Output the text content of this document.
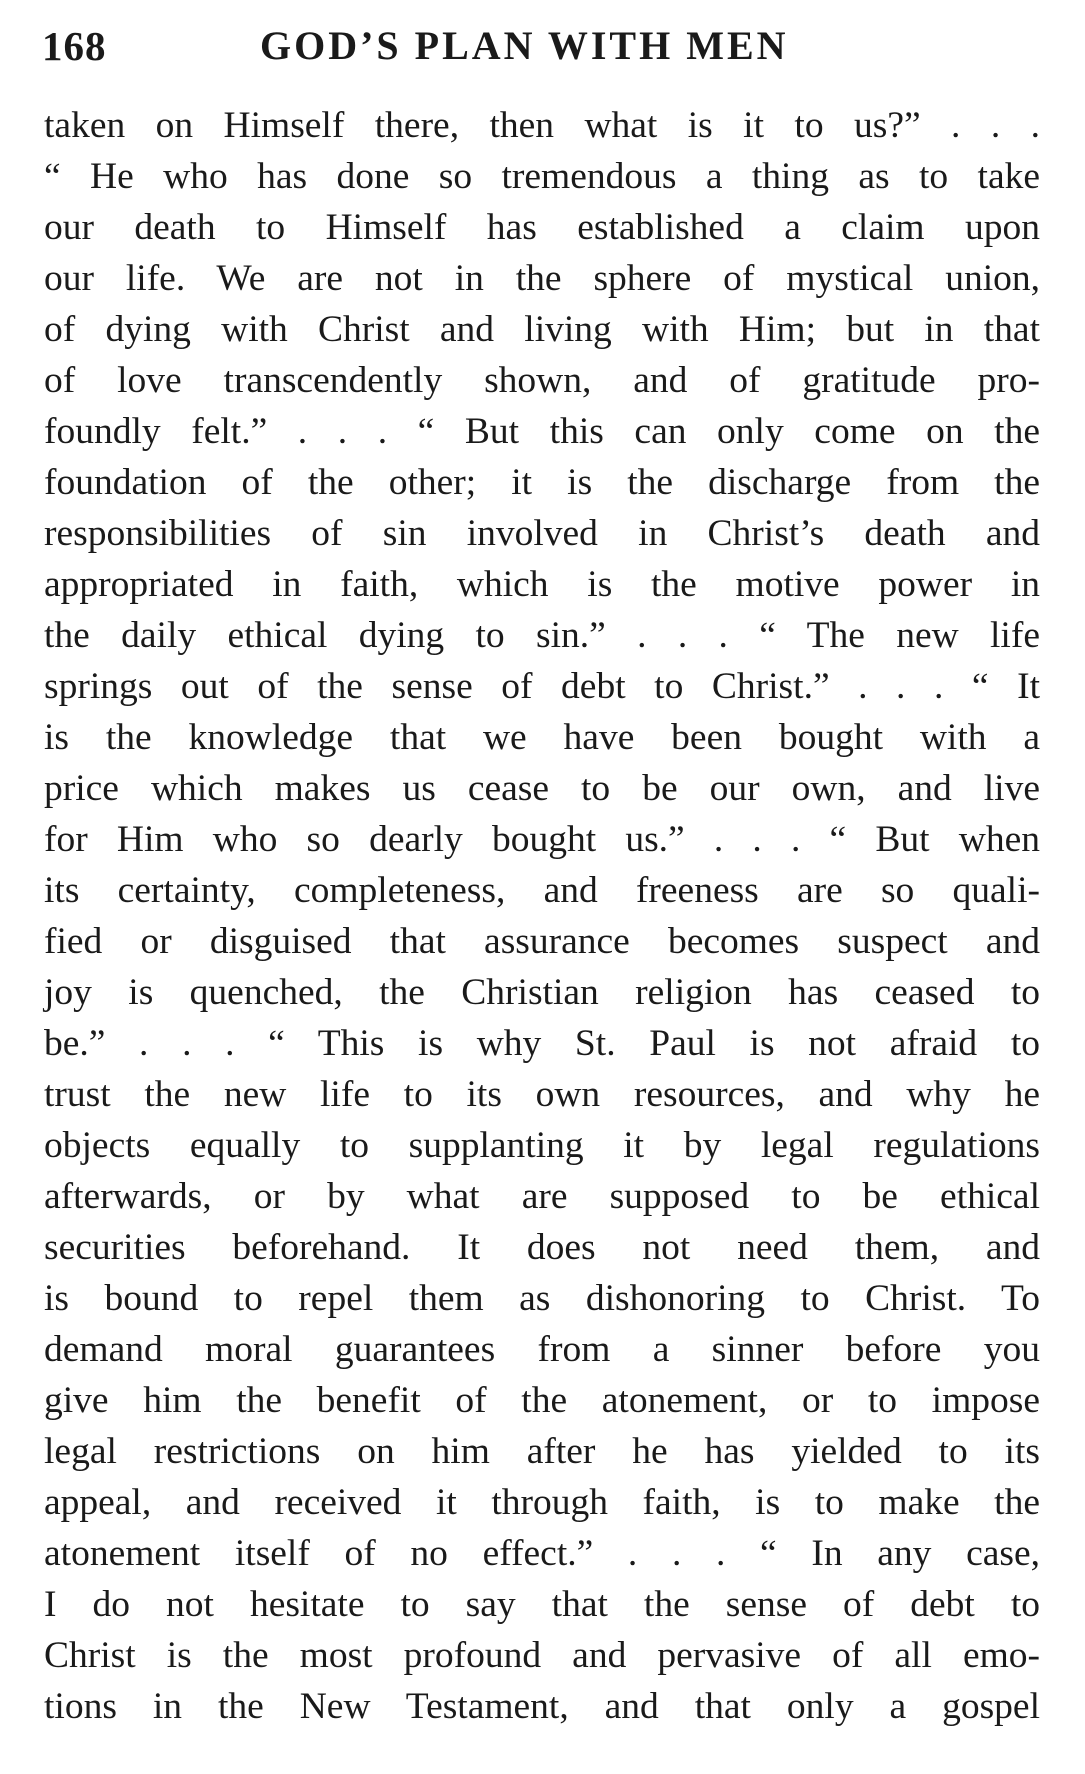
168	GOD’S PLAN WITH MEN
taken on Himself there, then what is it to us?” . . .
“ He who has done so tremendous a thing as to take
our death to Himself has established a claim upon
our life. We are not in the sphere of mystical union,
of dying with Christ and living with Him; but in that
of love transcendently shown, and of gratitude pro-
foundly felt.” . . . “ But this can only come on the
foundation of the other; it is the discharge from the
responsibilities of sin involved in Christ’s death and
appropriated in faith, which is the motive power in
the daily ethical dying to sin.” . . . “ The new life
springs out of the sense of debt to Christ.” . . . “ It
is the knowledge that we have been bought with a
price which makes us cease to be our own, and live
for Him who so dearly bought us.” . . . “ But when
its certainty, completeness, and freeness are so quali-
fied or disguised that assurance becomes suspect and
joy is quenched, the Christian religion has ceased to
be.” . . . “ This is why St. Paul is not afraid to
trust the new life to its own resources, and why he
objects equally to supplanting it by legal regulations
afterwards, or by what are supposed to be ethical
securities beforehand. It does not need them, and
is bound to repel them as dishonoring to Christ. To
demand moral guarantees from a sinner before you
give him the benefit of the atonement, or to impose
legal restrictions on him after he has yielded to its
appeal, and received it through faith, is to make the
atonement itself of no effect.” . . . “ In any case,
I do not hesitate to say that the sense of debt to
Christ is the most profound and pervasive of all emo-
tions in the New Testament, and that only a gospel
